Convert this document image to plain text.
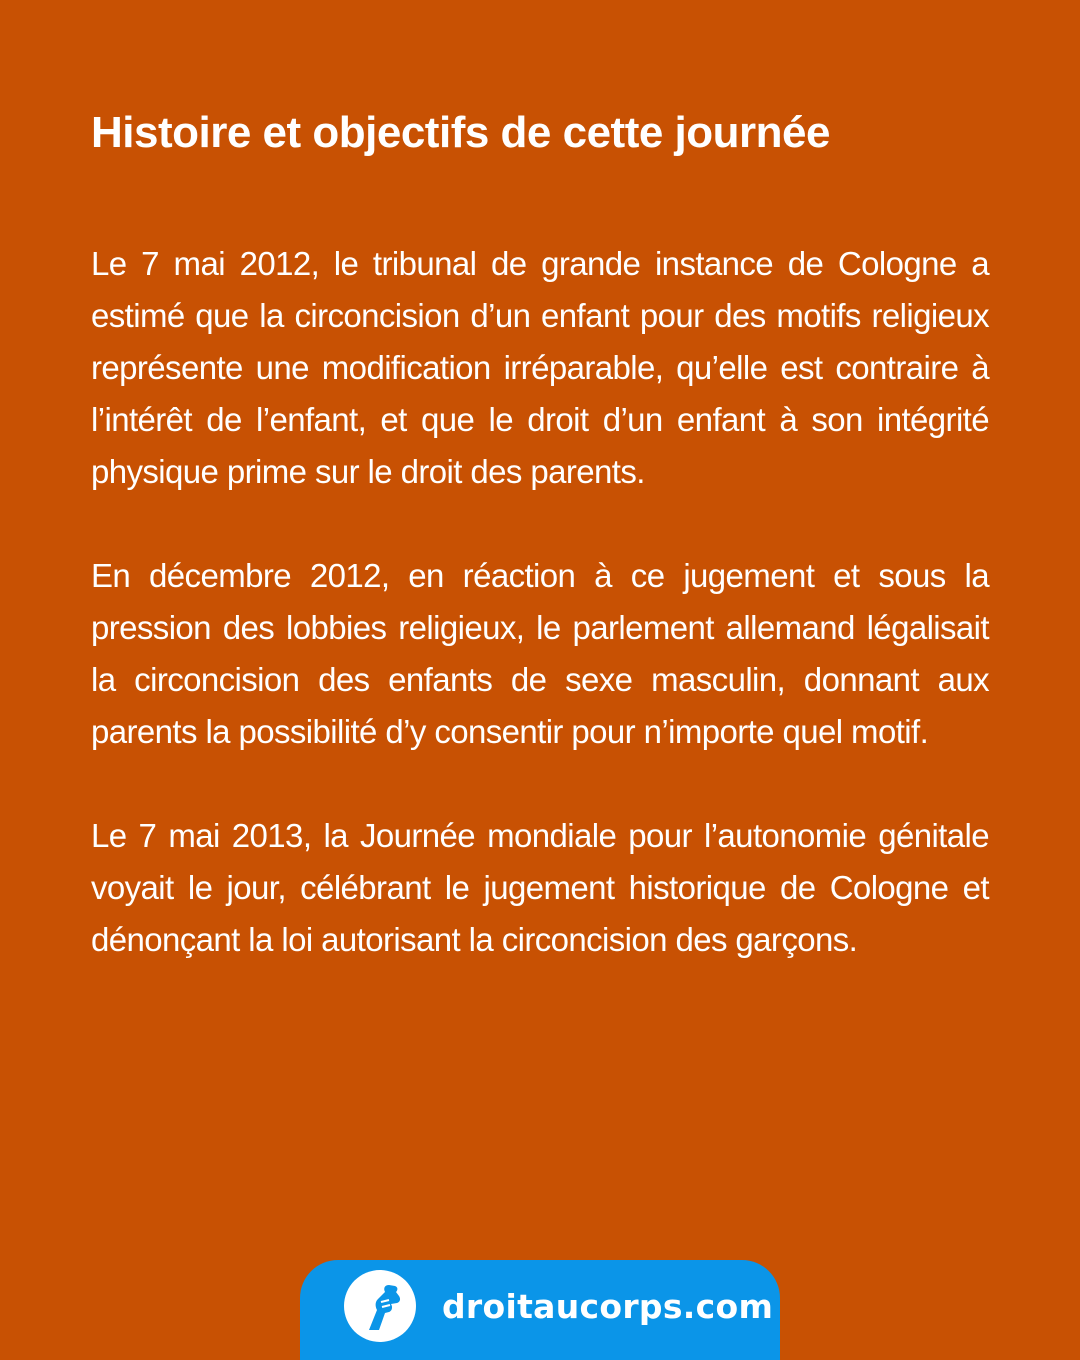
Histoire et objectifs de cette journée

Le 7 mai 2012, le tribunal de grande instance de Cologne a estimé que la circoncision d’un enfant pour des motifs religieux représente une modification irréparable, qu’elle est contraire à l’intérêt de l’enfant, et que le droit d’un enfant à son intégrité physique prime sur le droit des parents.

En décembre 2012, en réaction à ce jugement et sous la pression des lobbies religieux, le parlement allemand légalisait la circoncision des enfants de sexe masculin, donnant aux parents la possibilité d’y consentir pour n’importe quel motif.

Le 7 mai 2013, la Journée mondiale pour l’autonomie génitale voyait le jour, célébrant le jugement historique de Cologne et dénonçant la loi autorisant la circoncision des garçons.

droitaucorps.com
